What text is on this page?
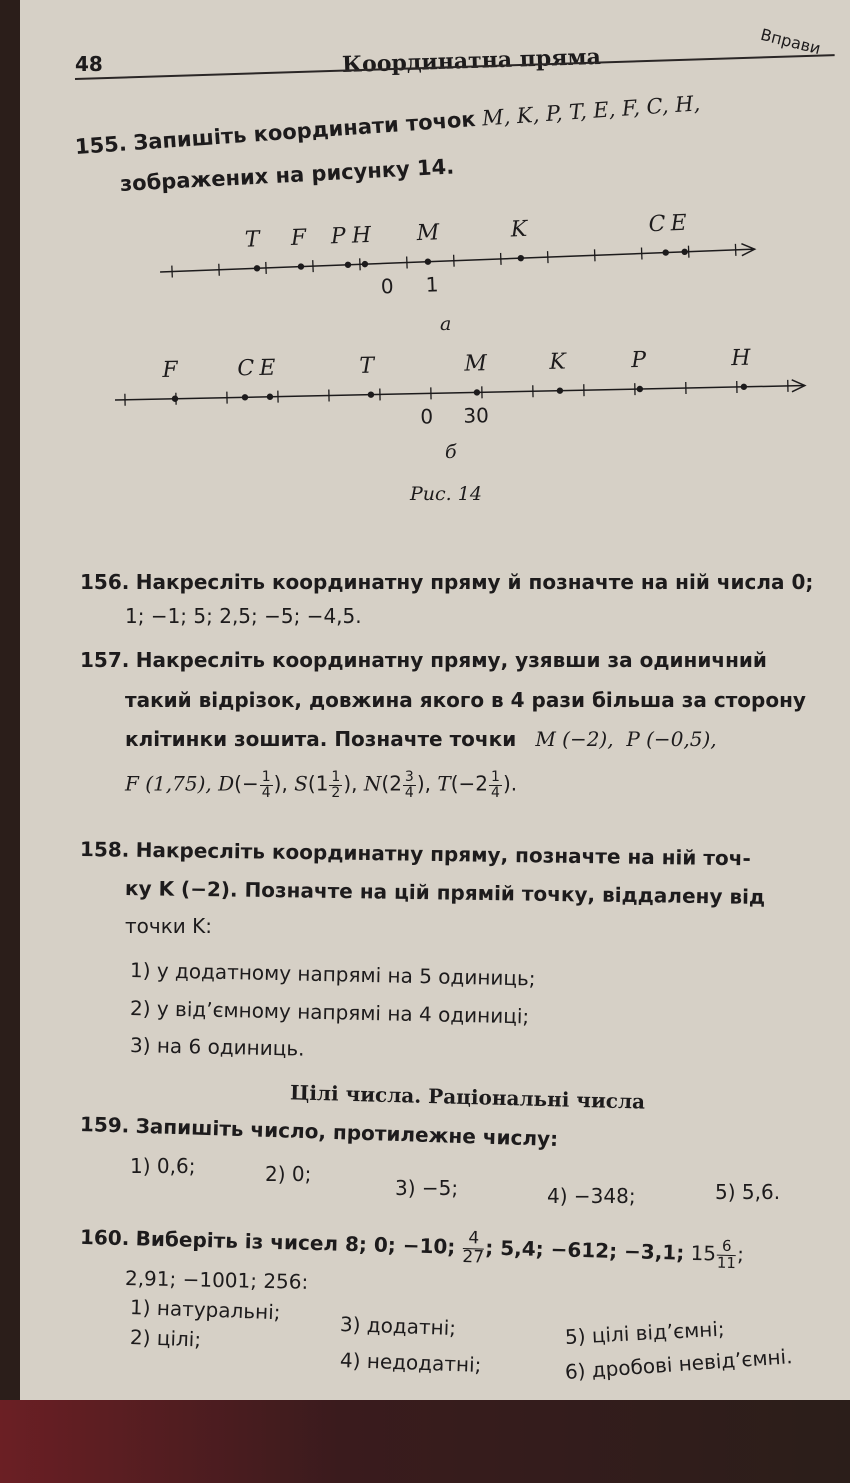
48	Координатна пряма
Вправи
155. Запишіть координати точок M, K, P, T, E, F, C, H,
зображених на рисунку 14.
T F P H M	K	C E
0 1
а
F	C E	T	M	K	P	H
0 30
б
Рис. 14
156. Накресліть координатну пряму й позначте на ній числа 0;
1; −1; 5; 2,5; −5; −4,5.
157. Накресліть координатну пряму, узявши за одиничний
такий відрізок, довжина якого в 4 рази більша за сторону
клітинки зошита. Позначте точки M (−2), P (−0,5),
F (1,75), $D(- \frac{1}{4}$ ), $S(1 \frac{1}{2}$ ), $N(2 \frac{3}{4}$ ), $T(-2 \frac{1}{4}$ ).
158. Накресліть координатну пряму, позначте на ній точ-
ку K (−2). Позначте на цій прямій точку, віддалену від
точки K:
1) у додатному напрямі на 5 одиниць;
2) у від’ємному напрямі на 4 одиниці;
3) на 6 одиниць.
Цілі числа. Раціональні числа
159. Запишіть число, протилежне числу:
1) 0,6;	2) 0;
3) −5;	4) −348;	5) 5,6.
160. Виберіть із чисел 8; 0; −10; $\frac{4}{27}$ ; 5,4; −612; −3,1; $15 \frac{6}{11}$ ;
2,91; −1001; 256:
1) натуральні;
2) цілі;	3) додатні;
4) недодатні;
5) цілі від’ємні;
6) дробові невід’ємні.
